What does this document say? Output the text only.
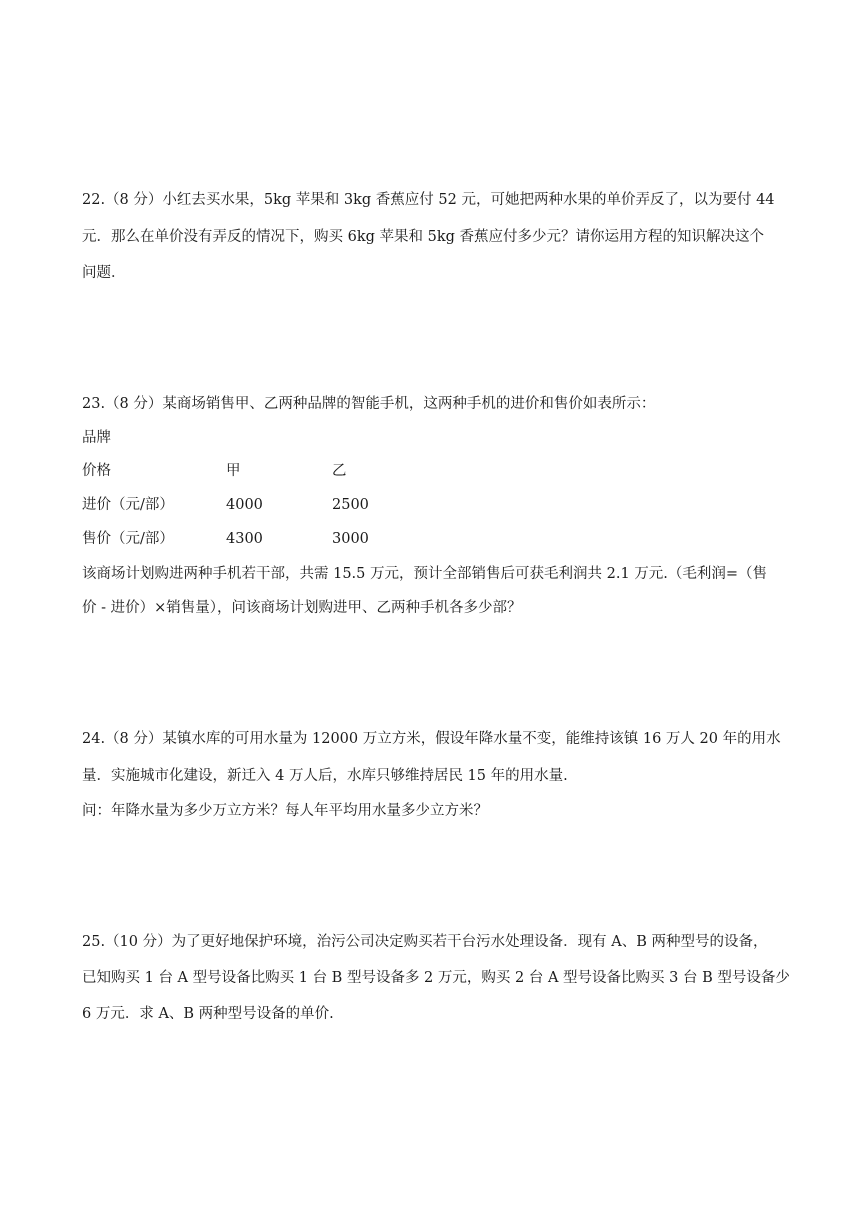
22.（8 分）小红去买水果，5kg 苹果和 3kg 香蕉应付 52 元，可她把两种水果的单价弄反了，以为要付 44
元．那么在单价没有弄反的情况下，购买 6kg 苹果和 5kg 香蕉应付多少元？请你运用方程的知识解决这个
问题．
23.（8 分）某商场销售甲、乙两种品牌的智能手机，这两种手机的进价和售价如表所示：
品牌
价格	甲	乙
进价（元/部）	4000	2500
售价（元/部）	4300	3000
该商场计划购进两种手机若干部，共需 15.5 万元，预计全部销售后可获毛利润共 2.1 万元.（毛利润=（售
价 - 进价）×销售量），问该商场计划购进甲、乙两种手机各多少部？
24.（8 分）某镇水库的可用水量为 12000 万立方米，假设年降水量不变，能维持该镇 16 万人 20 年的用水
量．实施城市化建设，新迁入 4 万人后，水库只够维持居民 15 年的用水量.
问：年降水量为多少万立方米？每人年平均用水量多少立方米？
25.（10 分）为了更好地保护环境，治污公司决定购买若干台污水处理设备．现有 A、B 两种型号的设备，
已知购买 1 台 A 型号设备比购买 1 台 B 型号设备多 2 万元，购买 2 台 A 型号设备比购买 3 台 B 型号设备少
6 万元．求 A、B 两种型号设备的单价.
